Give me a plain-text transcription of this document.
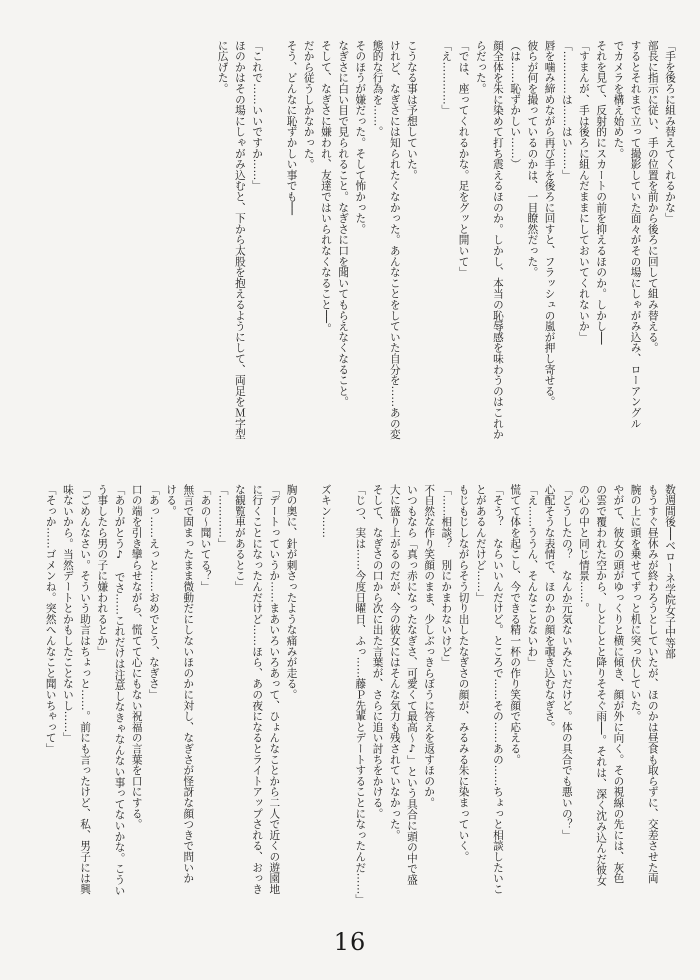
「手を後ろに組み替えてくれるかな」
部長に指示に従い、手の位置を前から後ろに回して組み替える。
するとそれまで立って撮影していた面々がその場にしゃがみ込み、ローアングル
でカメラを構え始めた。
それを見て、反射的にスカートの前を抑えるほのか。しかし──
「すまんが、手は後ろに組んだままにしておいてくれないか」
「…………は……はい……」
唇を噛み締めながら再び手を後ろに回すと、フラッシュの嵐が押し寄せる。
彼らが何を撮っているのかは、一目瞭然だった。
（は……恥ずかしい……）
顔全体を朱に染めて打ち震えるほのか。しかし、本当の恥辱感を味わうのはこれか
らだった。
「では、座ってくれるかな。足をグッと開いて」
「え…………」
こうなる事は予想していた。
けれど、なぎさには知られたくなかった。あんなことをしていた自分を……あの変
態的な行為を……。
そのほうが嫌だった。そして怖かった。
なぎさに白い目で見られること。なぎさに口を聞いてもらえなくなること。
そして、なぎさに嫌われ、友達ではいられなくなること──。
だから従うしかなかった。
そう、どんなに恥ずかしい事でも──
「これで……いいですか……」
ほのかはその場にしゃがみ込むと、下から太股を抱えるようにして、両足をＭ字型
に広げた。
数週間後──ベローネ学院女子中等部
もうすぐ昼休みが終わろうとしていたが、ほのかは昼食も取らずに、交差させた両
腕の上に頭を乗せてずっと机に突っ伏していた。
やがて、彼女の頭がゆっくりと横に傾き、顔が外に向く。その視線の先には、灰色
の雲で覆われた空から、しとしとと降りそそぐ雨──。それは、深く沈み込んだ彼女
の心の中と同じ情景……。
「どうしたの？　なんか元気ないみたいだけど。体の具合でも悪いの？」
心配そうな表情で、ほのかの顔を覗き込むなぎさ。
「え……ううん、そんなことないわ」
慌てて体を起こし、今できる精一杯の作り笑顔で応える。
「そう？　ならいいんだけど。ところで……その……あの……ちょっと相談したいこ
とがあるんだけど……」
もじもじしながらそう切り出したなぎさの顔が、みるみる朱に染まっていく。
「……相談？　別にかまわないけど」
不自然な作り笑顔のまま、少しぶっきらぼうに答えを返すほのか。
いつもなら「真っ赤になったなぎさ、可愛くて最高～♪」という具合に頭の中で盛
大に盛り上がるのだが、今の彼女にはそんな気力も残されていなかった。
そして、なぎさの口から次に出た言葉が、さらに追い討ちをかける。
「じつ、実は……今度日曜日、ふっ……藤Ｐ先輩とデートすることになったんだ……」
ズキン……
胸の奥に、針が刺さったような痛みが走る。
「デートっていうか……まあいろいろあって、ひょんなことから二人で近くの遊園地
に行くことになったんだけど……ほら、あの夜になるとライトアップされる、おっき
な観覧車があるとこ」
「…………」
「あの～聞いてる？」
無言で固まったまま微動だにしないほのかに対し、なぎさが怪訝な顔つきで問いか
ける。
「あっ……えっと……おめでとう、なぎさ」
口の端を引き攣らせながら、慌てて心にもない祝福の言葉を口にする。
「ありがとう♪　でさ……これだけは注意しなきゃなんない事ってないかな。こうい
う事したら男の子に嫌われるとか」
「ごめんなさい。そういう助言はちょっと……。前にも言ったけど、私、男子には興
味ないから。当然デートとかもしたことないし……」
「そっか……ゴメンね。突然へんなこと聞いちゃって」
16
